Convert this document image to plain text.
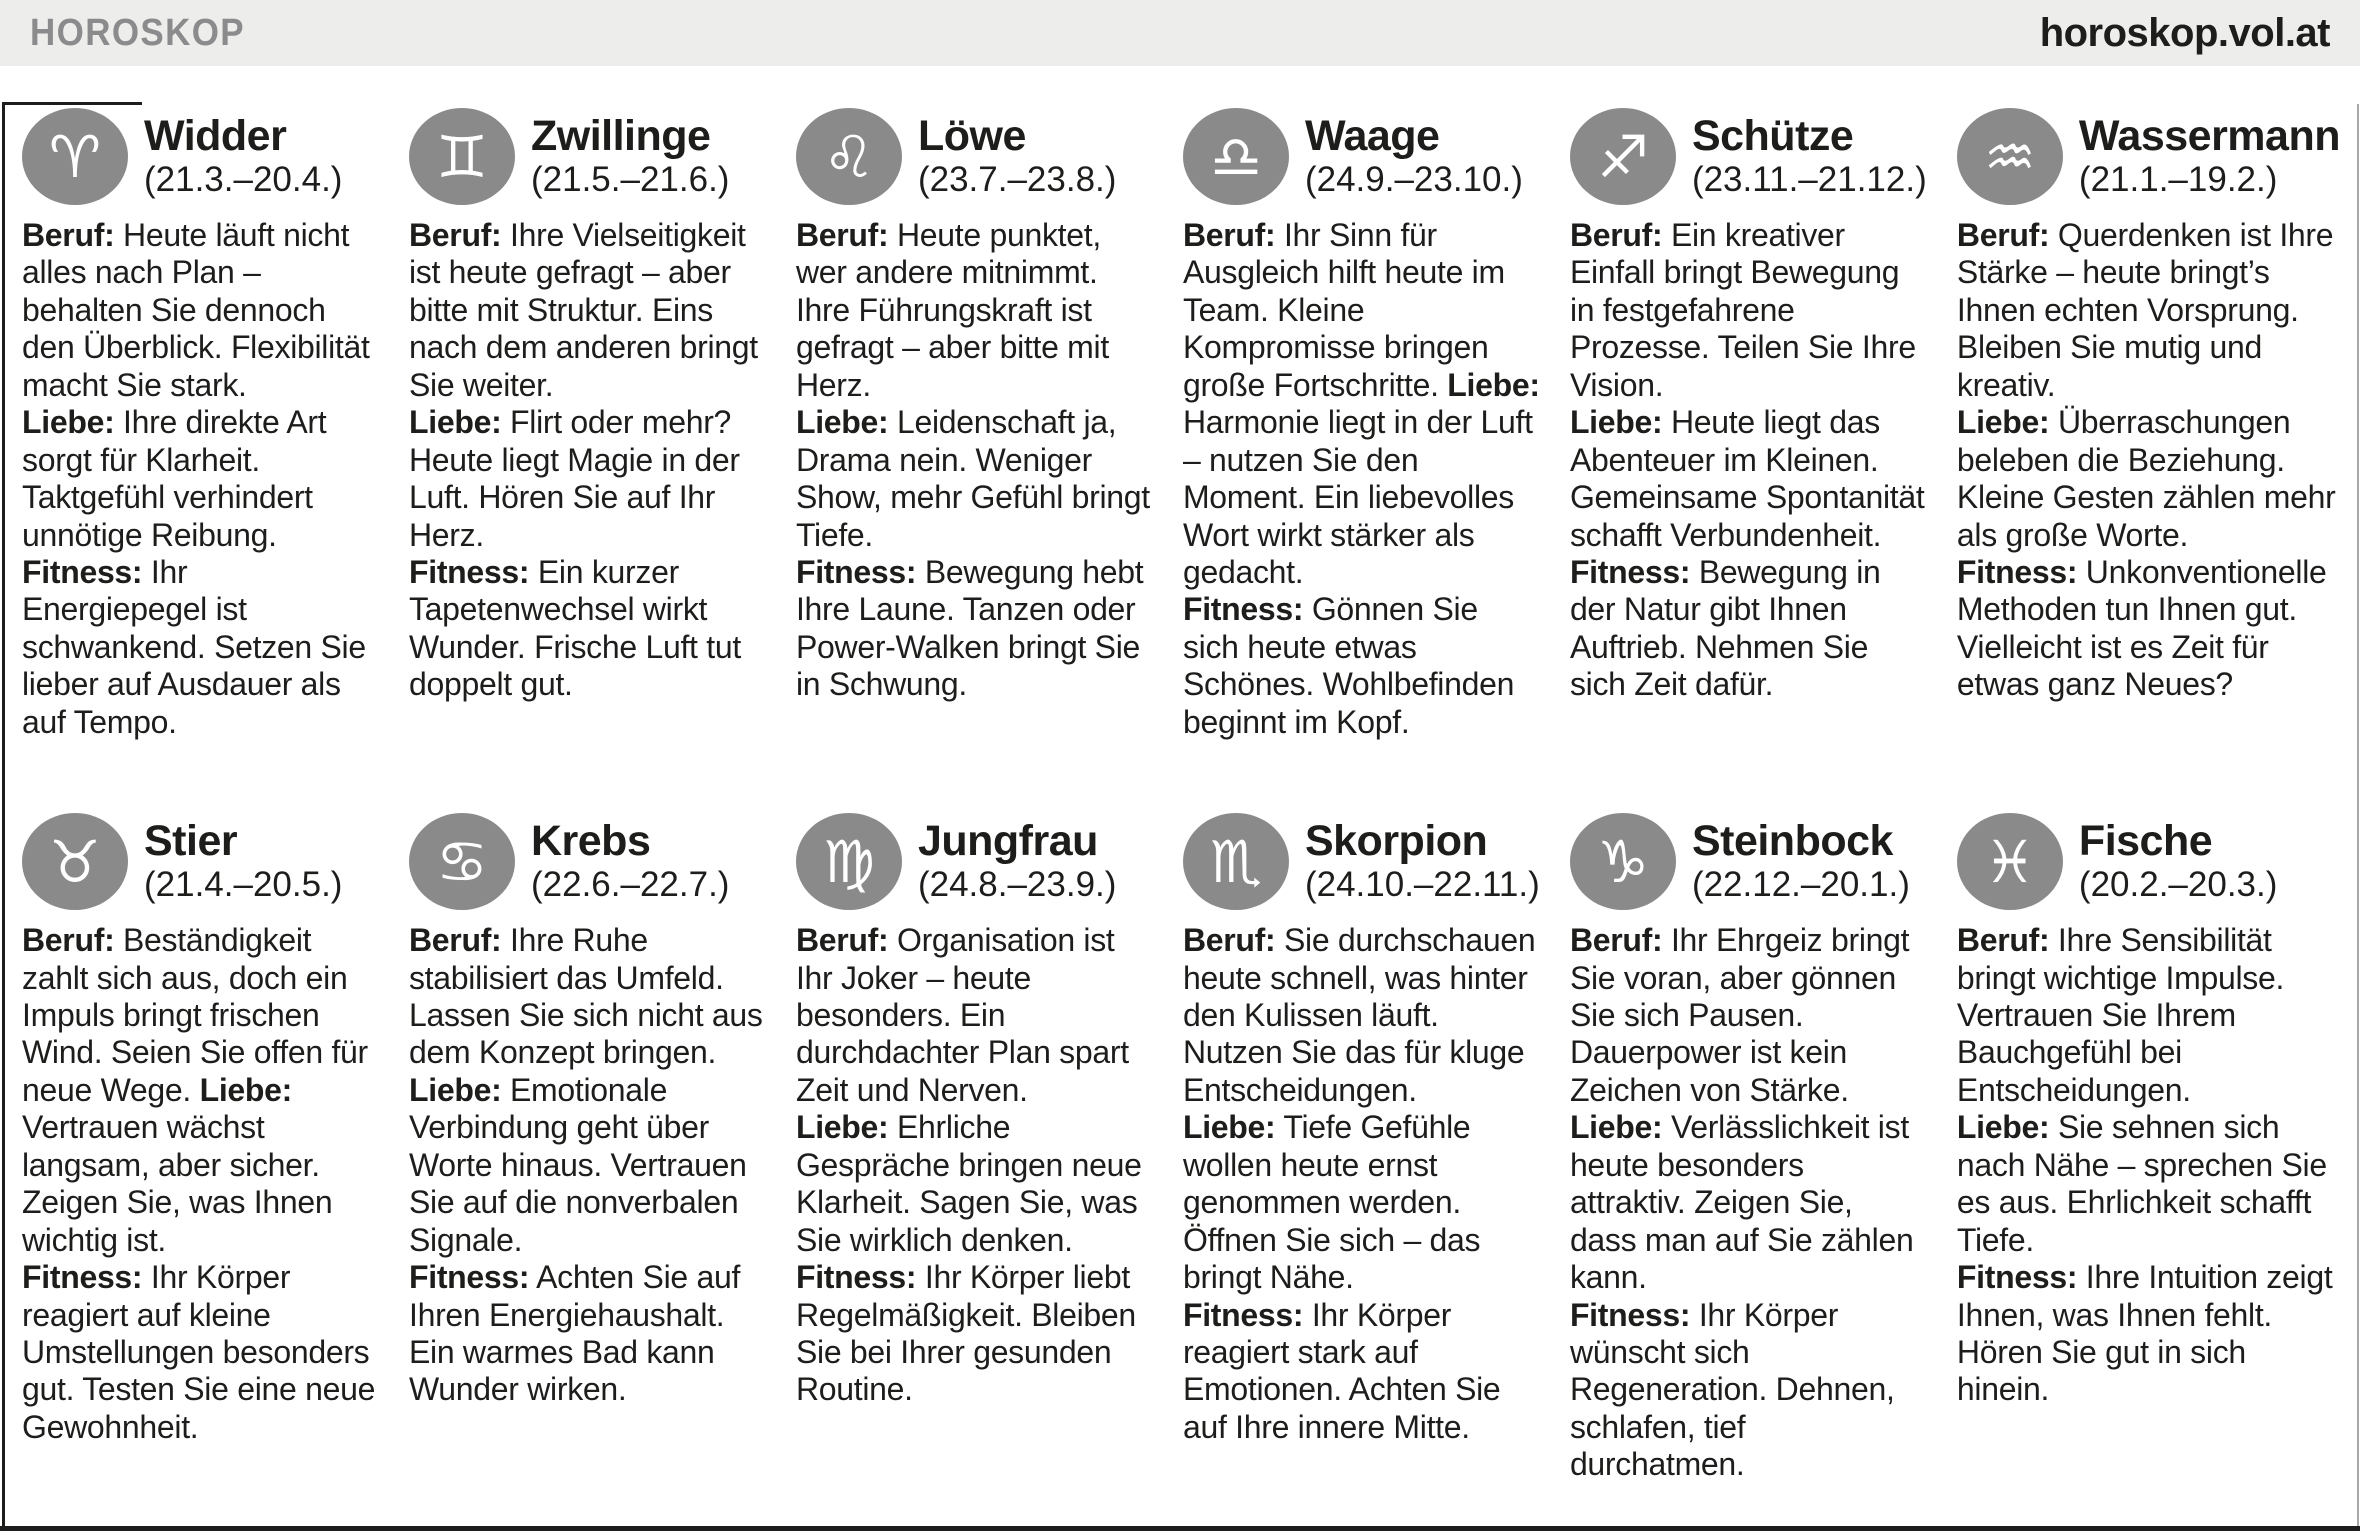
HOROSKOP	horoskop.vol.at
♈ Widder
(21.3.–20.4.)

Beruf: Heute läuft nicht alles nach Plan – behalten Sie dennoch den Überblick. Flexibilität macht Sie stark.

Liebe: Ihre direkte Art sorgt für Klarheit. Taktgefühl verhindert unnötige Reibung.

Fitness: Ihr Energiepegel ist schwankend. Setzen Sie lieber auf Ausdauer als auf Tempo.

♊ Zwillinge
(21.5.–21.6.)

Beruf: Ihre Vielseitigkeit ist heute gefragt – aber bitte mit Struktur. Eins nach dem anderen bringt Sie weiter.

Liebe: Flirt oder mehr? Heute liegt Magie in der Luft. Hören Sie auf Ihr Herz.

Fitness: Ein kurzer Tapetenwechsel wirkt Wunder. Frische Luft tut doppelt gut.

♌ Löwe
(23.7.–23.8.)

Beruf: Heute punktet, wer andere mitnimmt. Ihre Führungskraft ist gefragt – aber bitte mit Herz.

Liebe: Leidenschaft ja, Drama nein. Weniger Show, mehr Gefühl bringt Tiefe.

Fitness: Bewegung hebt Ihre Laune. Tanzen oder Power-Walken bringt Sie in Schwung.

♎ Waage
(24.9.–23.10.)

Beruf: Ihr Sinn für Ausgleich hilft heute im Team. Kleine Kompromisse bringen große Fortschritte. Liebe: Harmonie liegt in der Luft – nutzen Sie den Moment. Ein liebevolles Wort wirkt stärker als gedacht.

Fitness: Gönnen Sie sich heute etwas Schönes. Wohlbefinden beginnt im Kopf.

♐ Schütze
(23.11.–21.12.)

Beruf: Ein kreativer Einfall bringt Bewegung in festgefahrene Prozesse. Teilen Sie Ihre Vision.

Liebe: Heute liegt das Abenteuer im Kleinen. Gemeinsame Spontanität schafft Verbundenheit.

Fitness: Bewegung in der Natur gibt Ihnen Auftrieb. Nehmen Sie sich Zeit dafür.

♒ Wassermann
(21.1.–19.2.)

Beruf: Querdenken ist Ihre Stärke – heute bringt’s Ihnen echten Vorsprung. Bleiben Sie mutig und kreativ.

Liebe: Überraschungen beleben die Beziehung. Kleine Gesten zählen mehr als große Worte.

Fitness: Unkonventionelle Methoden tun Ihnen gut. Vielleicht ist es Zeit für etwas ganz Neues?

♉ Stier
(21.4.–20.5.)

Beruf: Beständigkeit zahlt sich aus, doch ein Impuls bringt frischen Wind. Seien Sie offen für neue Wege. Liebe: Vertrauen wächst langsam, aber sicher. Zeigen Sie, was Ihnen wichtig ist.

Fitness: Ihr Körper reagiert auf kleine Umstellungen besonders gut. Testen Sie eine neue Gewohnheit.

♋ Krebs
(22.6.–22.7.)

Beruf: Ihre Ruhe stabilisiert das Umfeld. Lassen Sie sich nicht aus dem Konzept bringen.

Liebe: Emotionale Verbindung geht über Worte hinaus. Vertrauen Sie auf die nonverbalen Signale.

Fitness: Achten Sie auf Ihren Energiehaushalt. Ein warmes Bad kann Wunder wirken.

♍ Jungfrau
(24.8.–23.9.)

Beruf: Organisation ist Ihr Joker – heute besonders. Ein durchdachter Plan spart Zeit und Nerven.

Liebe: Ehrliche Gespräche bringen neue Klarheit. Sagen Sie, was Sie wirklich denken.

Fitness: Ihr Körper liebt Regelmäßigkeit. Bleiben Sie bei Ihrer gesunden Routine.

♏ Skorpion
(24.10.–22.11.)

Beruf: Sie durchschauen heute schnell, was hinter den Kulissen läuft. Nutzen Sie das für kluge Entscheidungen.

Liebe: Tiefe Gefühle wollen heute ernst genommen werden. Öffnen Sie sich – das bringt Nähe.

Fitness: Ihr Körper reagiert stark auf Emotionen. Achten Sie auf Ihre innere Mitte.

♑ Steinbock
(22.12.–20.1.)

Beruf: Ihr Ehrgeiz bringt Sie voran, aber gönnen Sie sich Pausen. Dauerpower ist kein Zeichen von Stärke.

Liebe: Verlässlichkeit ist heute besonders attraktiv. Zeigen Sie, dass man auf Sie zählen kann.

Fitness: Ihr Körper wünscht sich Regeneration. Dehnen, schlafen, tief durchatmen.

♓ Fische
(20.2.–20.3.)

Beruf: Ihre Sensibilität bringt wichtige Impulse. Vertrauen Sie Ihrem Bauchgefühl bei Entscheidungen.

Liebe: Sie sehnen sich nach Nähe – sprechen Sie es aus. Ehrlichkeit schafft Tiefe.

Fitness: Ihre Intuition zeigt Ihnen, was Ihnen fehlt. Hören Sie gut in sich hinein.
